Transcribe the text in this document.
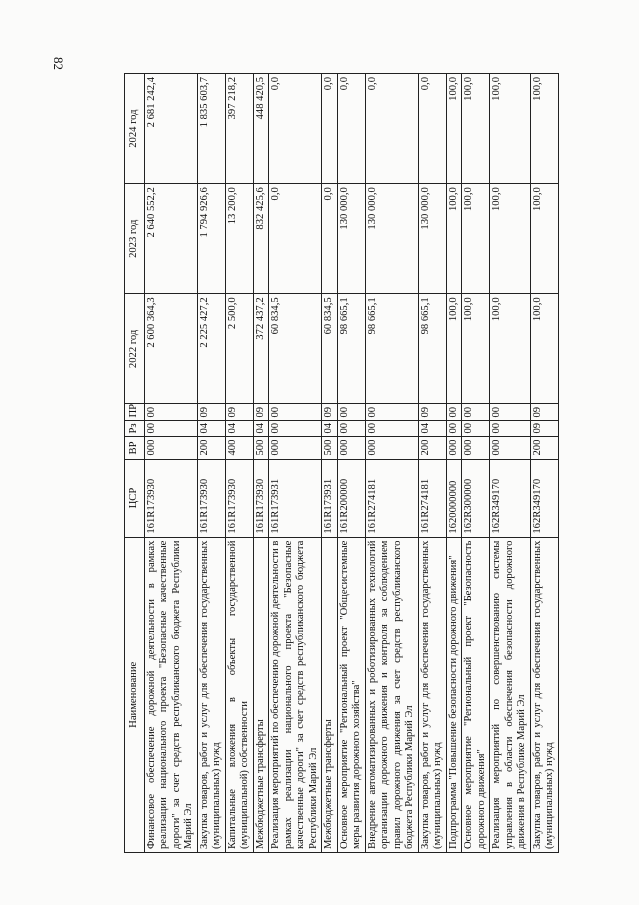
82
Наименование	ЦСР	ВР	Рз	ПР	2022 год	2023 год	2024 год
Финансовое обеспечение дорожной деятельности в рамках реализации национального проекта "Безопасные качественные дороги" за счет средств республиканского бюджета Республики Марий Эл	161R173930	000	00	00	2 600 364,3	2 640 552,2	2 681 242,4
Закупка товаров, работ и услуг для обеспечения государственных (муниципальных) нужд	161R173930	200	04	09	2 225 427,2	1 794 926,6	1 835 603,7
Капитальные вложения в объекты государственной (муниципальной) собственности	161R173930	400	04	09	2 500,0	13 200,0	397 218,2
Межбюджетные трансферты	161R173930	500	04	09	372 437,2	832 425,6	448 420,5
Реализация мероприятий по обеспечению дорожной деятельности в рамках реализации национального проекта "Безопасные качественные дороги" за счет средств республиканского бюджета Республики Марий Эл	161R173931	000	00	00	60 834,5	0,0	0,0
Межбюджетные трансферты	161R173931	500	04	09	60 834,5	0,0	0,0
Основное мероприятие "Региональный проект "Общесистемные меры развития дорожного хозяйства"	161R200000	000	00	00	98 665,1	130 000,0	0,0
Внедрение автоматизированных и роботизированных технологий организации дорожного движения и контроля за соблюдением правил дорожного движения за счет средств республиканского бюджета Республики Марий Эл	161R274181	000	00	00	98 665,1	130 000,0	0,0
Закупка товаров, работ и услуг для обеспечения государственных (муниципальных) нужд	161R274181	200	04	09	98 665,1	130 000,0	0,0
Подпрограмма "Повышение безопасности дорожного движения"	1620000000	000	00	00	100,0	100,0	100,0
Основное мероприятие "Региональный проект "Безопасность дорожного движения"	162R300000	000	00	00	100,0	100,0	100,0
Реализация мероприятий по совершенствованию системы управления в области обеспечения безопасности дорожного движения в Республике Марий Эл	162R349170	000	00	00	100,0	100,0	100,0
Закупка товаров, работ и услуг для обеспечения государственных (муниципальных) нужд	162R349170	200	09	09	100,0	100,0	100,0
